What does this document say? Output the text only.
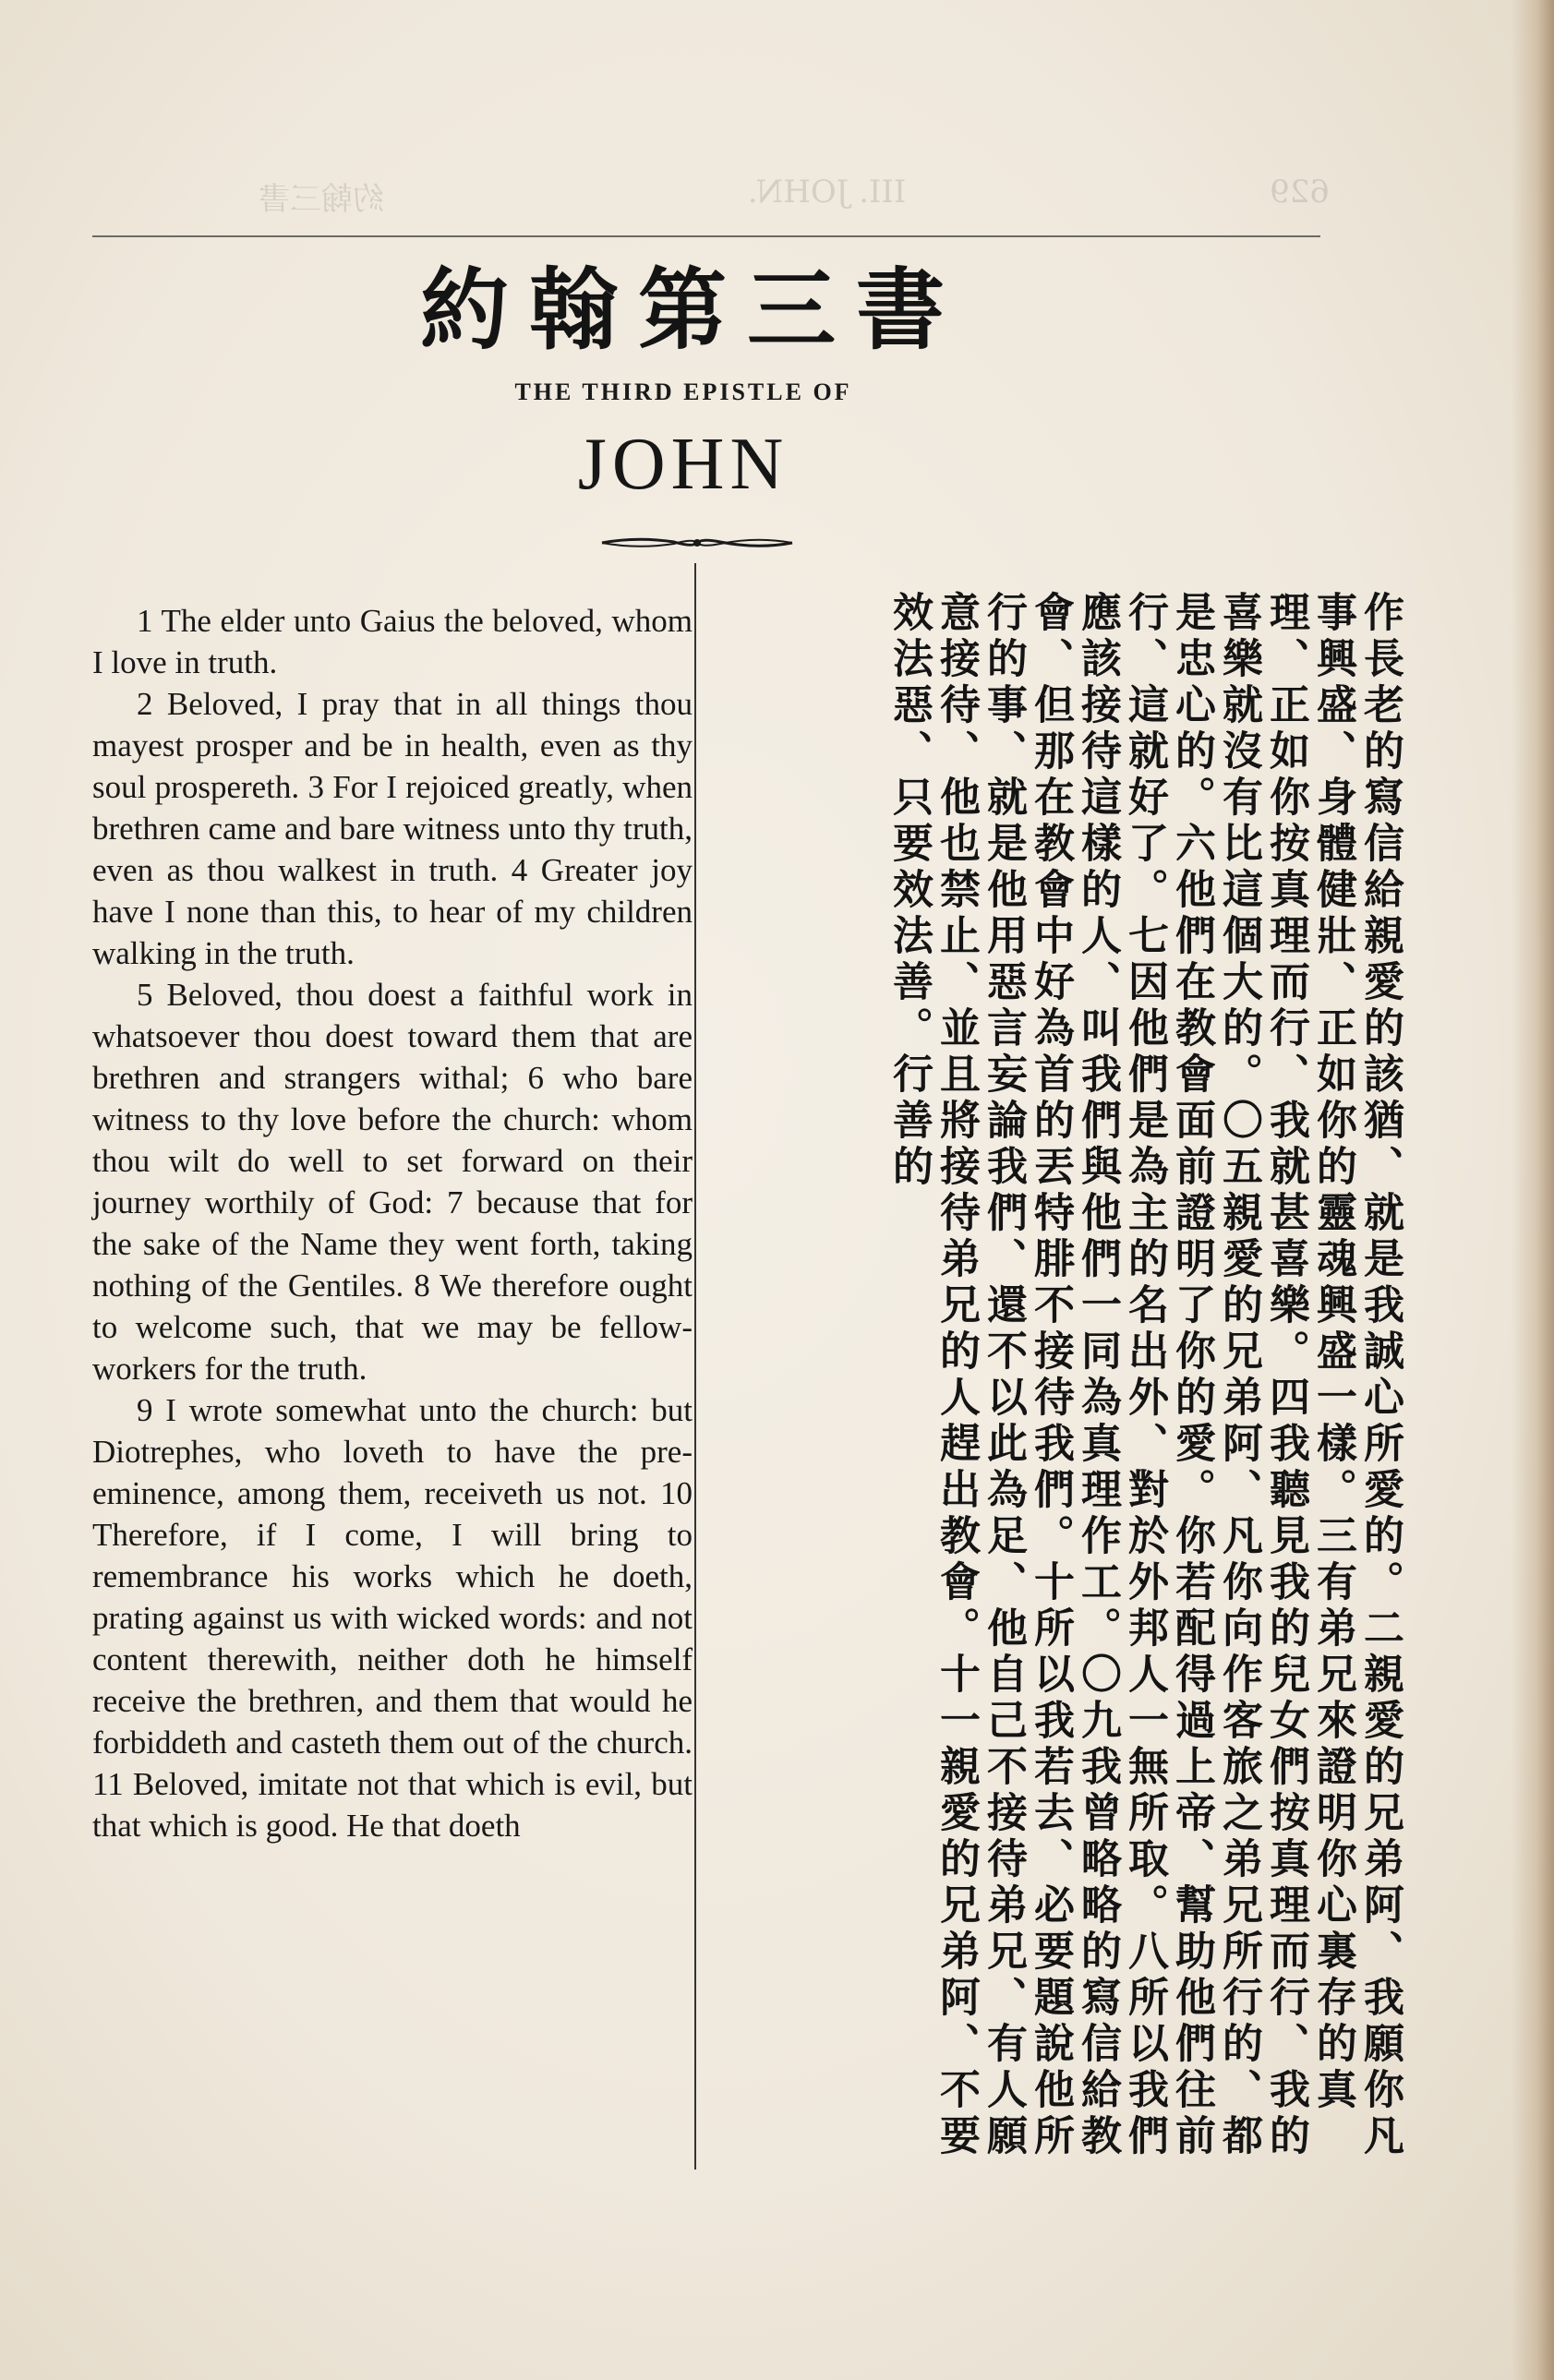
629
III. JOHN.
約翰三書
約翰第三書
THE THIRD EPISTLE OF
JOHN

1 The elder unto Gaius the beloved, whom I love in truth.

2 Beloved, I pray that in all things thou mayest prosper and be in health, even as thy soul prospereth. 3 For I rejoiced greatly, when brethren came and bare witness unto thy truth, even as thou walkest in truth. 4 Greater joy have I none than this, to hear of my children walking in the truth.

5 Beloved, thou doest a faithful work in whatsoever thou doest toward them that are brethren and strangers withal; 6 who bare witness to thy love before the church: whom thou wilt do well to set forward on their journey worthily of God: 7 because that for the sake of the Name they went forth, taking nothing of the Gentiles. 8 We therefore ought to welcome such, that we may be fellow-workers for the truth.

9 I wrote somewhat unto the church: but Diotrephes, who loveth to have the pre-eminence, among them, receiveth us not. 10 Therefore, if I come, I will bring to remembrance his works which he doeth, prating against us with wicked words: and not content therewith, neither doth he himself receive the brethren, and them that would he forbiddeth and casteth them out of the church. 11 Beloved, imitate not that which is evil, but that which is good. He that doeth	作長老的寫信給親愛的該猶、就是我誠心所愛的。二親愛的兄弟阿、我願你凡事興盛、身體健壯、正如你的靈魂興盛一樣。三有弟兄來證明你心裏存的真理、正如你按真理而行、我就甚喜樂。四我聽見我的兒女們按真理而行、我的喜樂就沒有比這個大的。〇五親愛的兄弟阿、凡你向作客旅之弟兄所行的、都是忠心的。六他們在教會面前證明了你的愛。你若配得過上帝、幫助他們往前行、這就好了。七因他們是為主的名出外、對於外邦人一無所取。八所以我們應該接待這樣的人、叫我們與他們一同為真理作工。〇九我曾略略的寫信給教會、但那在教會中好為首的丟特腓不接待我們。十所以我若去、必要題說他所行的事、就是他用惡言妄論我們、還不以此為足、他自己不接待弟兄、有人願意接待、他也禁止、並且將接待弟兄的人趕出教會。十一親愛的兄弟阿、不要效法惡、只要效法善。行善的
